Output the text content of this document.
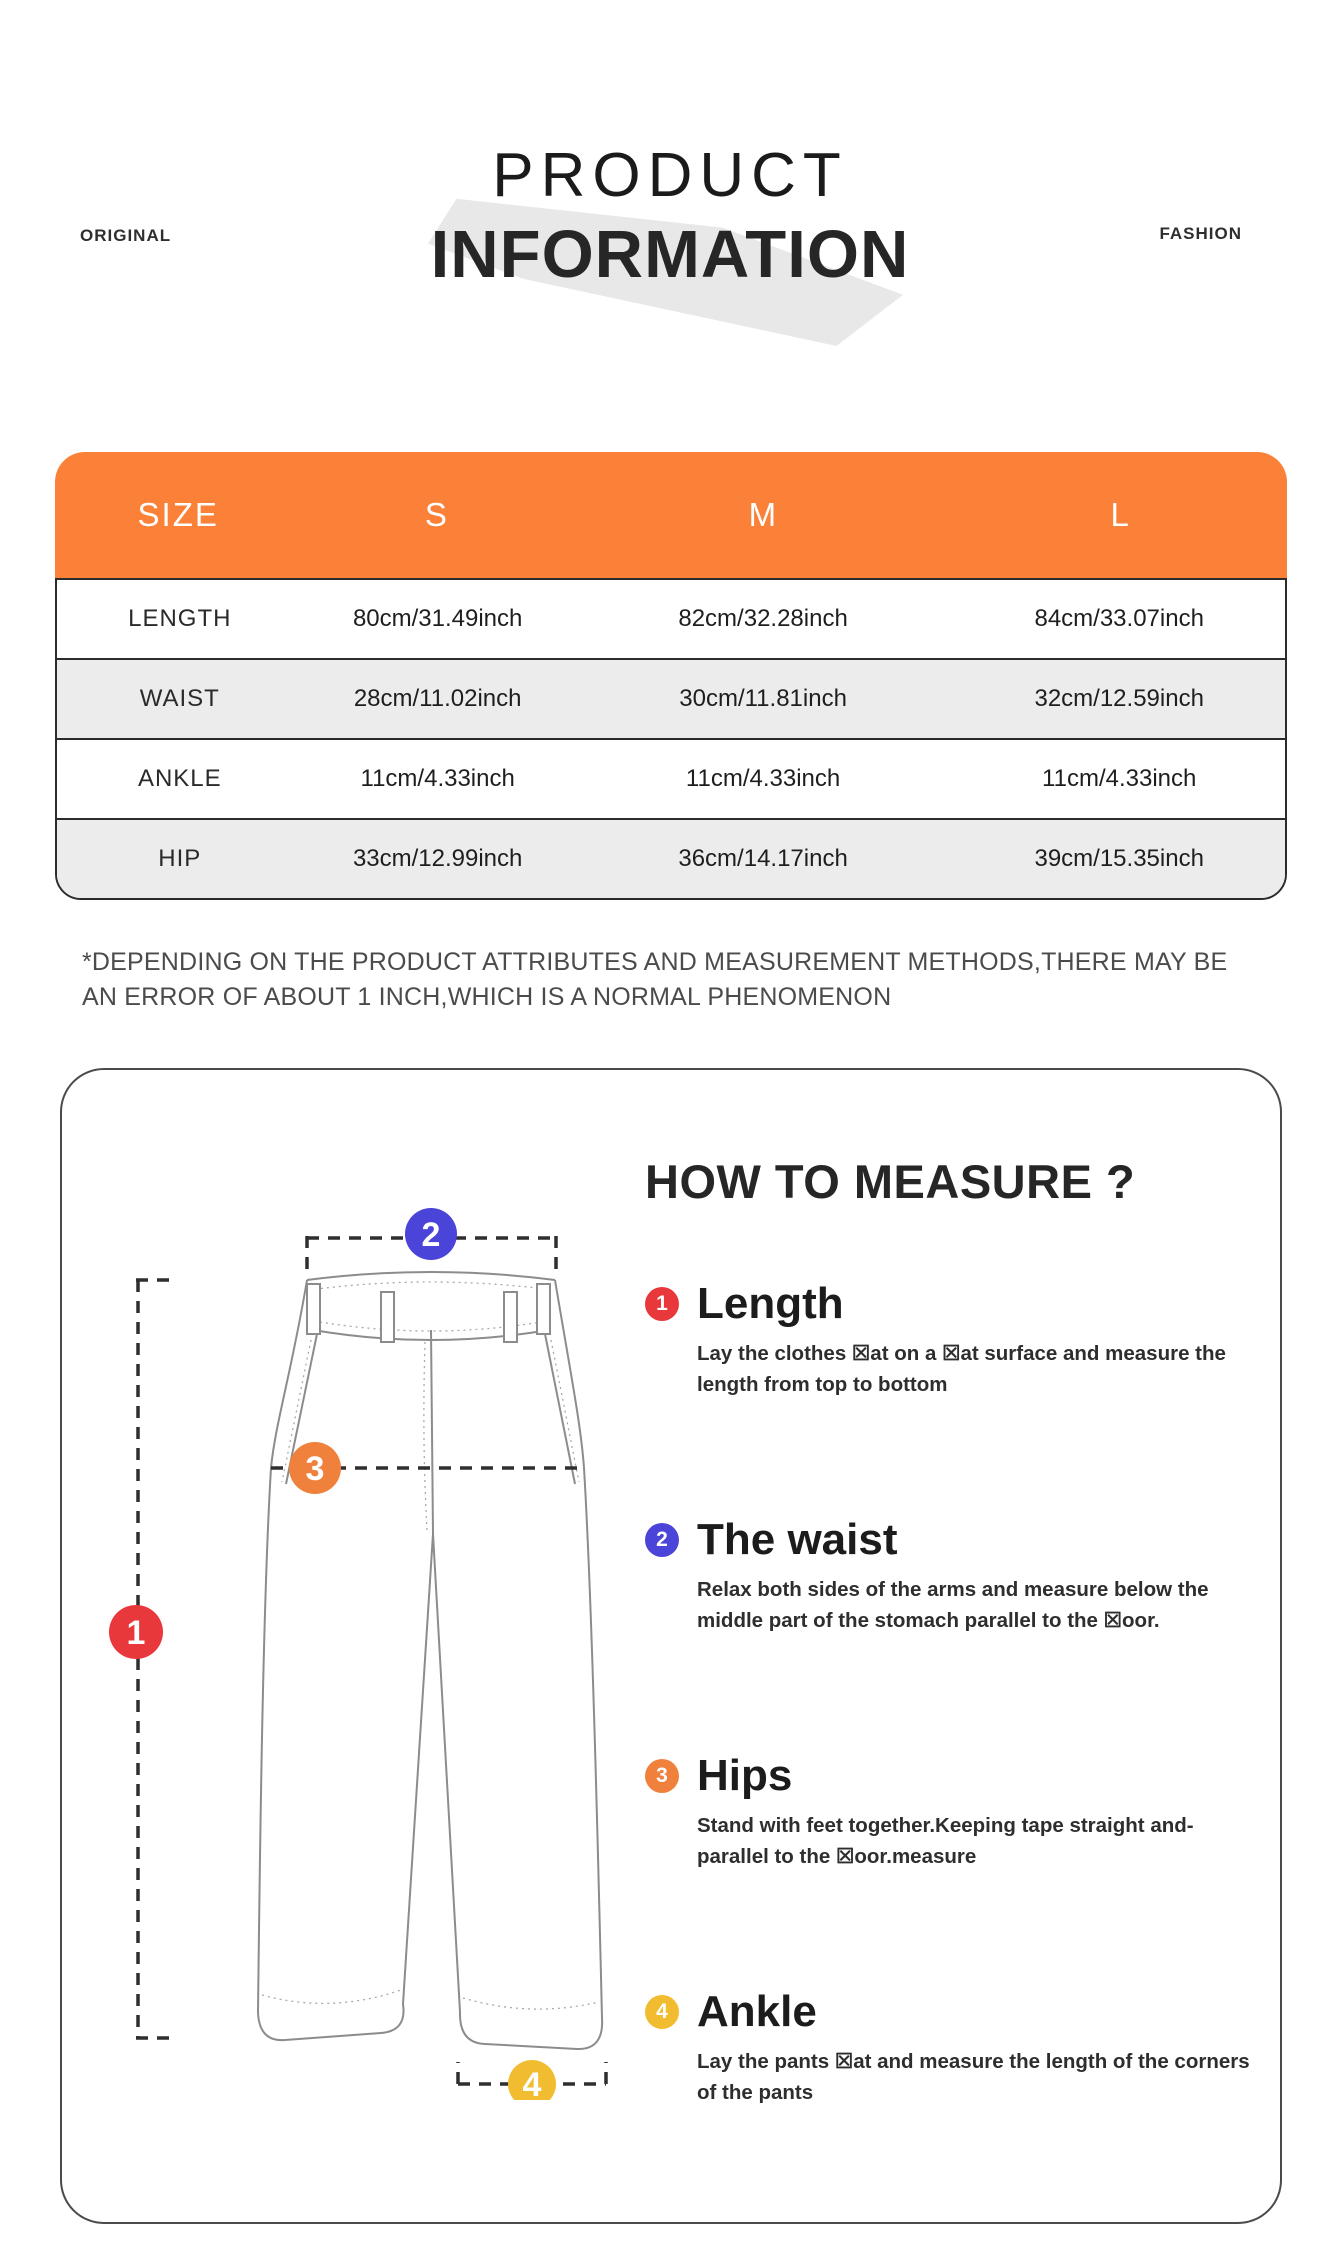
ORIGINAL	FASHION
PRODUCT
INFORMATION
SIZE	S	M	L
LENGTH	80cm/31.49inch	82cm/32.28inch	84cm/33.07inch
WAIST	28cm/11.02inch	30cm/11.81inch	32cm/12.59inch
ANKLE	11cm/4.33inch	11cm/4.33inch	11cm/4.33inch
HIP	33cm/12.99inch	36cm/14.17inch	39cm/15.35inch
*DEPENDING ON THE PRODUCT ATTRIBUTES AND MEASUREMENT METHODS,THERE MAY BE AN ERROR OF ABOUT 1 INCH,WHICH IS A NORMAL PHENOMENON
HOW TO MEASURE ?
1
2
3
4
1 Length
Lay the clothes ☒at on a ☒at surface and measure the length from top to bottom
2 The waist
Relax both sides of the arms and measure below the middle part of the stomach parallel to the ☒oor.
3 Hips
Stand with feet together.Keeping tape straight and-parallel to the ☒oor.measure
4 Ankle
Lay the pants ☒at and measure the length of the corners of the pants
